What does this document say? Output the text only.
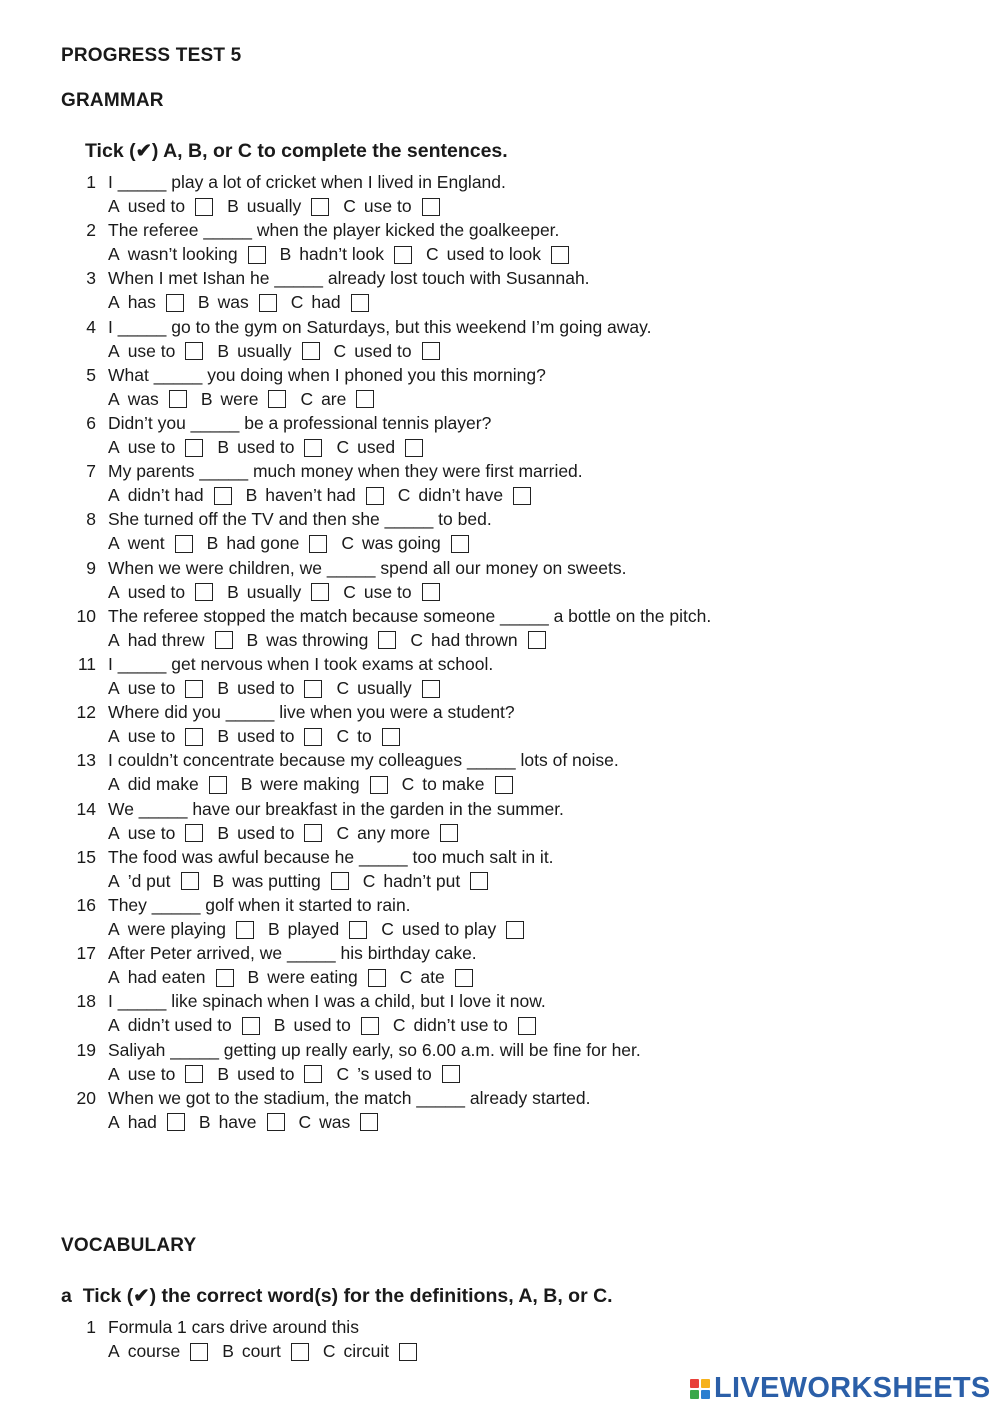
PROGRESS TEST 5
GRAMMAR
Tick (✔) A, B, or C to complete the sentences.
1 I _____ play a lot of cricket when I lived in England.
A used to B usually C use to
2 The referee _____ when the player kicked the goalkeeper.
A wasn’t looking B hadn’t look C used to look
3 When I met Ishan he _____ already lost touch with Susannah.
A has B was C had
4 I _____ go to the gym on Saturdays, but this weekend I’m going away.
A use to B usually C used to
5 What _____ you doing when I phoned you this morning?
A was B were C are
6 Didn’t you _____ be a professional tennis player?
A use to B used to C used
7 My parents _____ much money when they were first married.
A didn’t had B haven’t had C didn’t have
8 She turned off the TV and then she _____ to bed.
A went B had gone C was going
9 When we were children, we _____ spend all our money on sweets.
A used to B usually C use to
10 The referee stopped the match because someone _____ a bottle on the pitch.
A had threw B was throwing C had thrown
11 I _____ get nervous when I took exams at school.
A use to B used to C usually
12 Where did you _____ live when you were a student?
A use to B used to C to
13 I couldn’t concentrate because my colleagues _____ lots of noise.
A did make B were making C to make
14 We _____ have our breakfast in the garden in the summer.
A use to B used to C any more
15 The food was awful because he _____ too much salt in it.
A ’d put B was putting C hadn’t put
16 They _____ golf when it started to rain.
A were playing B played C used to play
17 After Peter arrived, we _____ his birthday cake.
A had eaten B were eating C ate
18 I _____ like spinach when I was a child, but I love it now.
A didn’t used to B used to C didn’t use to
19 Saliyah _____ getting up really early, so 6.00 a.m. will be fine for her.
A use to B used to C ’s used to
20 When we got to the stadium, the match _____ already started.
A had B have C was
VOCABULARY
a Tick (✔) the correct word(s) for the definitions, A, B, or C.
1 Formula 1 cars drive around this
A course B court C circuit
LIVEWORKSHEETS
